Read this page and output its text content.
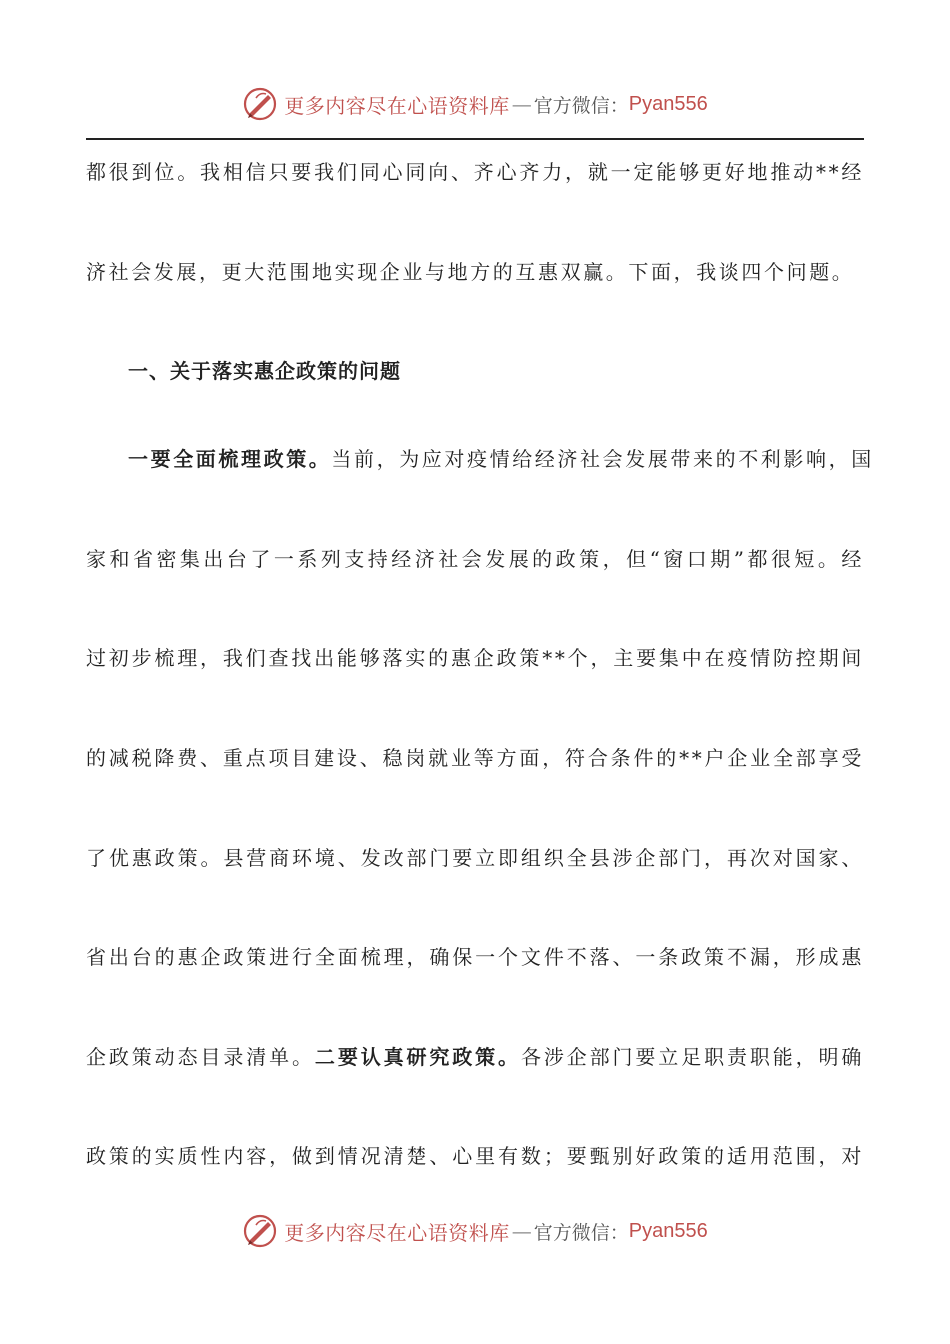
更多内容尽在心语资料库 — 官方微信： Pyan556
都很到位。我相信只要我们同心同向、齐心齐力，就一定能够更好地推动**经
济社会发展，更大范围地实现企业与地方的互惠双赢。下面，我谈四个问题。
一、关于落实惠企政策的问题
一要全面梳理政策。当前，为应对疫情给经济社会发展带来的不利影响，国
家和省密集出台了一系列支持经济社会发展的政策，但“窗口期”都很短。经
过初步梳理，我们查找出能够落实的惠企政策**个，主要集中在疫情防控期间
的减税降费、重点项目建设、稳岗就业等方面，符合条件的**户企业全部享受
了优惠政策。县营商环境、发改部门要立即组织全县涉企部门，再次对国家、
省出台的惠企政策进行全面梳理，确保一个文件不落、一条政策不漏，形成惠
企政策动态目录清单。二要认真研究政策。各涉企部门要立足职责职能，明确
政策的实质性内容，做到情况清楚、心里有数；要甄别好政策的适用范围，对
更多内容尽在心语资料库 — 官方微信： Pyan556
